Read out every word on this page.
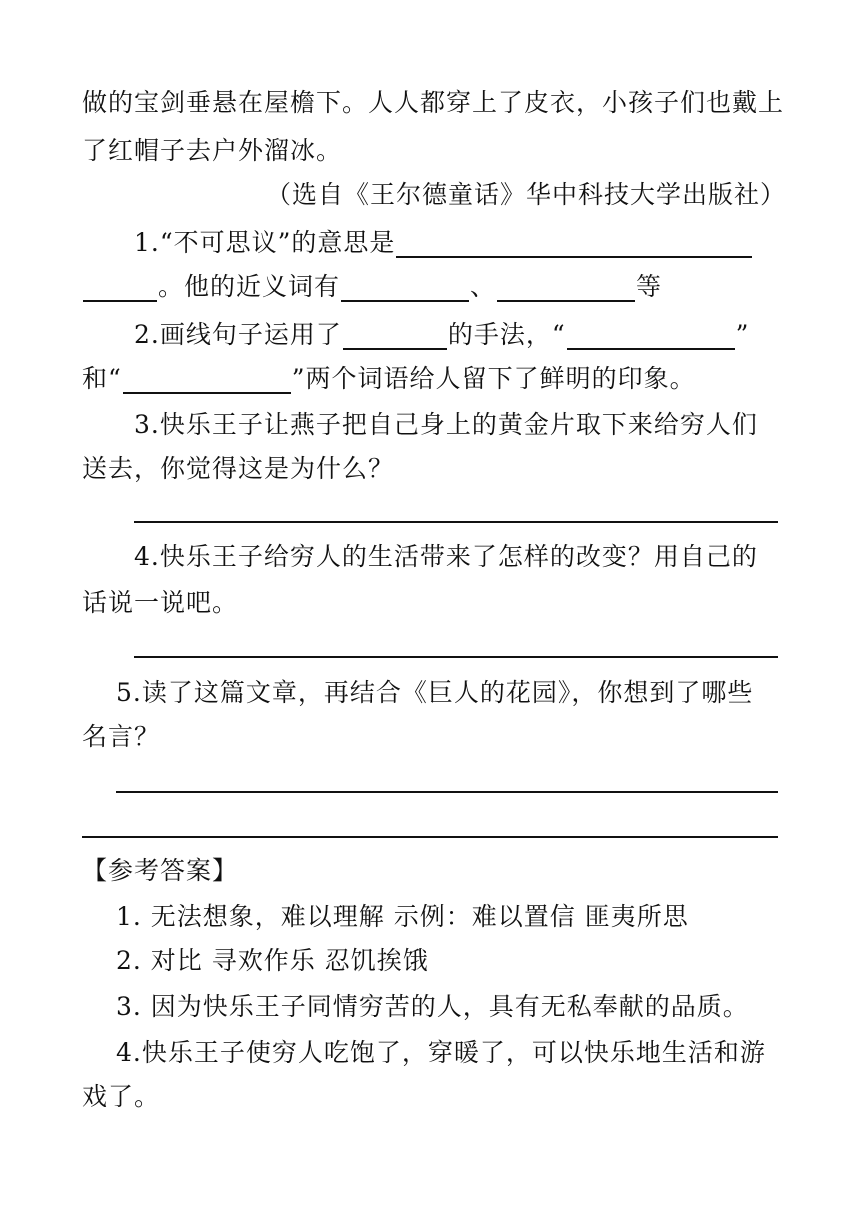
做的宝剑垂悬在屋檐下。人人都穿上了皮衣，小孩子们也戴上
了红帽子去户外溜冰。
（选自《王尔德童话》华中科技大学出版社）
1.“不可思议”的意思是
。他的近义词有	、	等
2.画线句子运用了	的手法，“	”
和“	”两个词语给人留下了鲜明的印象。
3.快乐王子让燕子把自己身上的黄金片取下来给穷人们
送去，你觉得这是为什么？
4.快乐王子给穷人的生活带来了怎样的改变？用自己的
话说一说吧。
5.读了这篇文章，再结合《巨人的花园》，你想到了哪些
名言？
【参考答案】
1. 无法想象，难以理解 示例：难以置信 匪夷所思
2. 对比 寻欢作乐 忍饥挨饿
3. 因为快乐王子同情穷苦的人，具有无私奉献的品质。
4.快乐王子使穷人吃饱了，穿暖了，可以快乐地生活和游
戏了。
